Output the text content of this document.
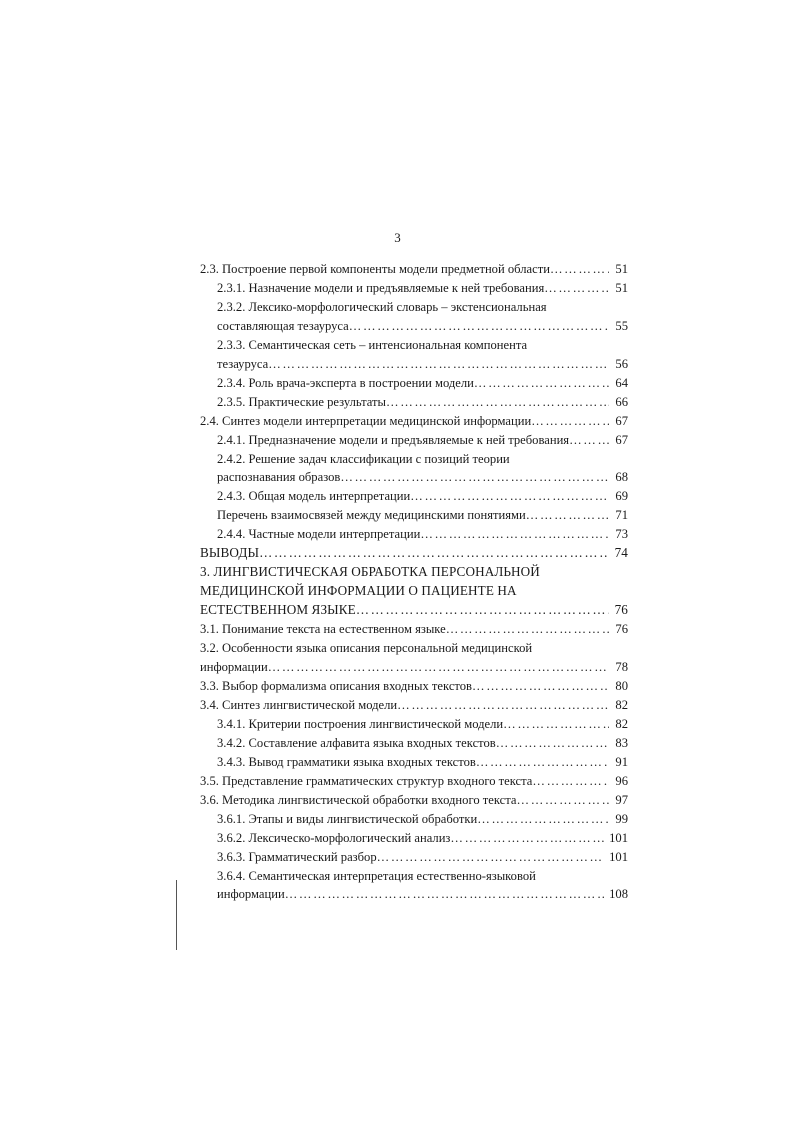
3
2.3. Построение первой компоненты модели предметной области ……………………………………………………………………………………………………………………………………………………………………	51
2.3.1. Назначение модели и предъявляемые к ней требования ……………………………………………………………………………………………………………………………………………………………………	51
2.3.2. Лексико-морфологический словарь – экстенсиональная
составляющая тезауруса ……………………………………………………………………………………………………………………………………………………………………	55
2.3.3. Семантическая сеть – интенсиональная компонента
тезауруса ……………………………………………………………………………………………………………………………………………………………………	56
2.3.4. Роль врача-эксперта в построении модели ……………………………………………………………………………………………………………………………………………………………………	64
2.3.5. Практические результаты ……………………………………………………………………………………………………………………………………………………………………	66
2.4. Синтез модели интерпретации медицинской информации ……………………………………………………………………………………………………………………………………………………………………	67
2.4.1. Предназначение модели и предъявляемые к ней требования ……………………………………………………………………………………………………………………………………………………………………	67
2.4.2. Решение задач классификации с позиций теории
распознавания образов ……………………………………………………………………………………………………………………………………………………………………	68
2.4.3. Общая модель интерпретации ……………………………………………………………………………………………………………………………………………………………………	69
Перечень взаимосвязей между медицинскими понятиями ……………………………………………………………………………………………………………………………………………………………………	71
2.4.4. Частные модели интерпретации ……………………………………………………………………………………………………………………………………………………………………	73
ВЫВОДЫ ……………………………………………………………………………………………………………………………………………………………………	74
3. ЛИНГВИСТИЧЕСКАЯ ОБРАБОТКА ПЕРСОНАЛЬНОЙ
МЕДИЦИНСКОЙ ИНФОРМАЦИИ О ПАЦИЕНТЕ НА
ЕСТЕСТВЕННОМ ЯЗЫКЕ ……………………………………………………………………………………………………………………………………………………………………	76
3.1. Понимание текста на естественном языке ……………………………………………………………………………………………………………………………………………………………………	76
3.2. Особенности языка описания персональной медицинской
информации ……………………………………………………………………………………………………………………………………………………………………	78
3.3. Выбор формализма описания входных текстов ……………………………………………………………………………………………………………………………………………………………………	80
3.4. Синтез лингвистической модели ……………………………………………………………………………………………………………………………………………………………………	82
3.4.1. Критерии построения лингвистической модели ……………………………………………………………………………………………………………………………………………………………………	82
3.4.2. Составление алфавита языка входных текстов ……………………………………………………………………………………………………………………………………………………………………	83
3.4.3. Вывод грамматики языка входных текстов ……………………………………………………………………………………………………………………………………………………………………	91
3.5. Представление грамматических структур входного текста ……………………………………………………………………………………………………………………………………………………………………	96
3.6. Методика лингвистической обработки входного текста ……………………………………………………………………………………………………………………………………………………………………	97
3.6.1. Этапы и виды лингвистической обработки ……………………………………………………………………………………………………………………………………………………………………	99
3.6.2. Лексическо-морфологический анализ ……………………………………………………………………………………………………………………………………………………………………	101
3.6.3. Грамматический разбор ……………………………………………………………………………………………………………………………………………………………………	101
3.6.4. Семантическая интерпретация естественно-языковой
информации ……………………………………………………………………………………………………………………………………………………………………	108
